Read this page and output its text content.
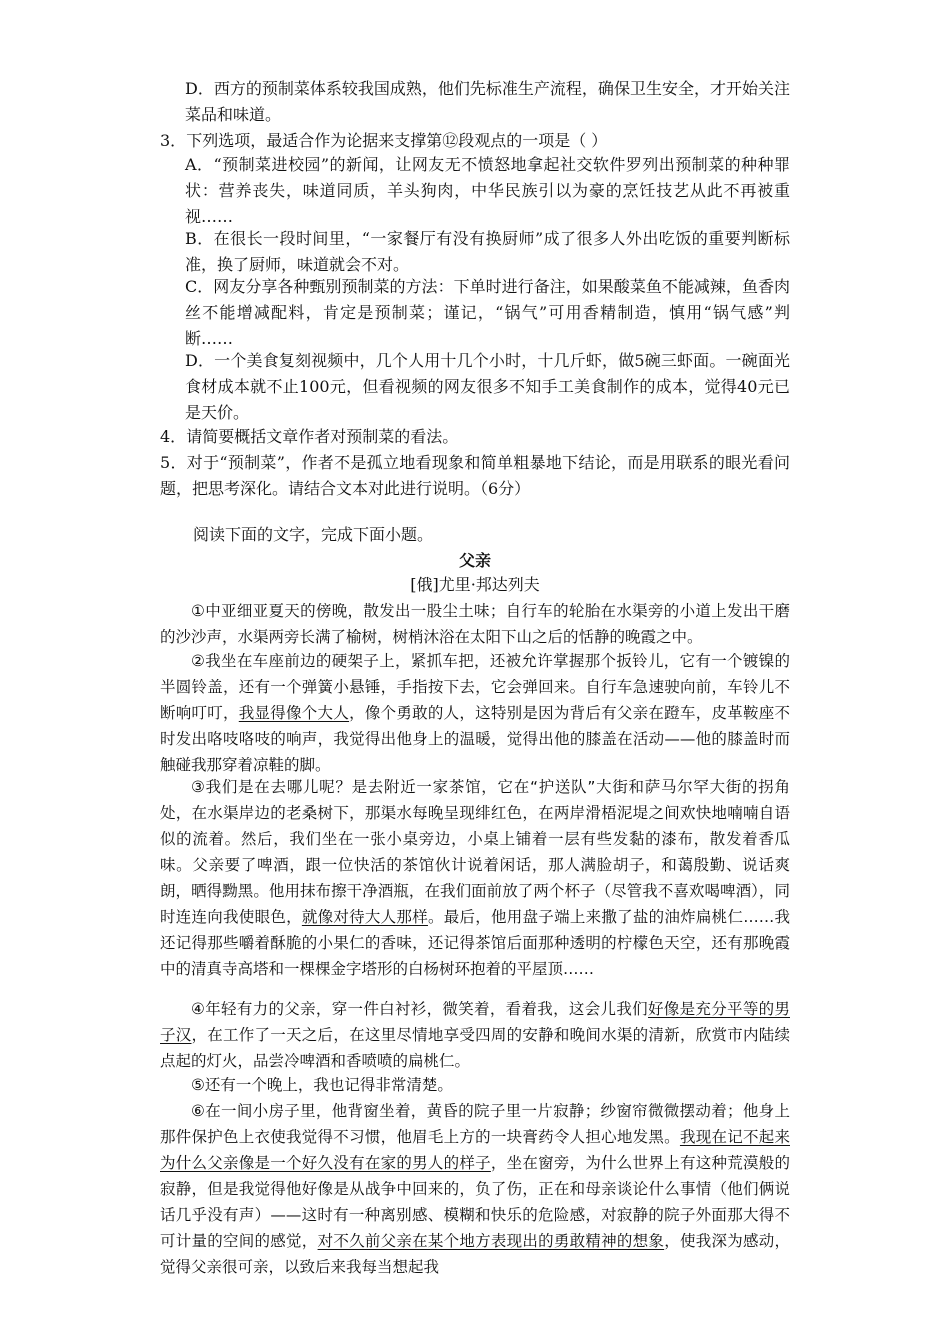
D．西方的预制菜体系较我国成熟，他们先标准生产流程，确保卫生安全，才开始关注菜品和味道。

3．下列选项，最适合作为论据来支撑第⑫段观点的一项是（ ）

A．“预制菜进校园”的新闻，让网友无不愤怒地拿起社交软件罗列出预制菜的种种罪状：营养丧失，味道同质，羊头狗肉，中华民族引以为豪的烹饪技艺从此不再被重视……

B．在很长一段时间里，“一家餐厅有没有换厨师”成了很多人外出吃饭的重要判断标准，换了厨师，味道就会不对。

C．网友分享各种甄别预制菜的方法：下单时进行备注，如果酸菜鱼不能减辣，鱼香肉丝不能增减配料，肯定是预制菜；谨记，“锅气”可用香精制造，慎用“锅气感”判断……

D．一个美食复刻视频中，几个人用十几个小时，十几斤虾，做5碗三虾面。一碗面光食材成本就不止100元，但看视频的网友很多不知手工美食制作的成本，觉得40元已是天价。

4．请简要概括文章作者对预制菜的看法。

5．对于“预制菜”，作者不是孤立地看现象和简单粗暴地下结论，而是用联系的眼光看问题，把思考深化。请结合文本对此进行说明。（6分）

阅读下面的文字，完成下面小题。

父亲

[俄]尤里·邦达列夫

①中亚细亚夏天的傍晚，散发出一股尘土味；自行车的轮胎在水渠旁的小道上发出干磨的沙沙声，水渠两旁长满了榆树，树梢沐浴在太阳下山之后的恬静的晚霞之中。

②我坐在车座前边的硬架子上，紧抓车把，还被允许掌握那个扳铃儿，它有一个镀镍的半圆铃盖，还有一个弹簧小悬锤，手指按下去，它会弹回来。自行车急速驶向前，车铃儿不断响叮叮，我显得像个大人，像个勇敢的人，这特别是因为背后有父亲在蹬车，皮革鞍座不时发出咯吱咯吱的响声，我觉得出他身上的温暖，觉得出他的膝盖在活动——他的膝盖时而触碰我那穿着凉鞋的脚。

③我们是在去哪儿呢？是去附近一家茶馆，它在“护送队”大街和萨马尔罕大街的拐角处，在水渠岸边的老桑树下，那渠水每晚呈现绯红色，在两岸滑梧泥堤之间欢快地喃喃自语似的流着。然后，我们坐在一张小桌旁边，小桌上铺着一层有些发黏的漆布，散发着香瓜味。父亲要了啤酒，跟一位快活的茶馆伙计说着闲话，那人满脸胡子，和蔼殷勤、说话爽朗，晒得黝黑。他用抹布擦干净酒瓶，在我们面前放了两个杯子（尽管我不喜欢喝啤酒），同时连连向我使眼色，就像对待大人那样。最后，他用盘子端上来撒了盐的油炸扁桃仁……我还记得那些嚼着酥脆的小果仁的香味，还记得茶馆后面那种透明的柠檬色天空，还有那晚霞中的清真寺高塔和一棵棵金字塔形的白杨树环抱着的平屋顶……

④年轻有力的父亲，穿一件白衬衫，微笑着，看着我，这会儿我们好像是充分平等的男子汉，在工作了一天之后，在这里尽情地享受四周的安静和晚间水渠的清新，欣赏市内陆续点起的灯火，品尝冷啤酒和香喷喷的扁桃仁。

⑤还有一个晚上，我也记得非常清楚。

⑥在一间小房子里，他背窗坐着，黄昏的院子里一片寂静；纱窗帘微微摆动着；他身上那件保护色上衣使我觉得不习惯，他眉毛上方的一块膏药令人担心地发黑。我现在记不起来为什么父亲像是一个好久没有在家的男人的样子，坐在窗旁，为什么世界上有这种荒漠般的寂静，但是我觉得他好像是从战争中回来的，负了伤，正在和母亲谈论什么事情（他们俩说话几乎没有声）——这时有一种离别感、模糊和快乐的危险感，对寂静的院子外面那大得不可计量的空间的感觉，对不久前父亲在某个地方表现出的勇敢精神的想象，使我深为感动，觉得父亲很可亲，以致后来我每当想起我
